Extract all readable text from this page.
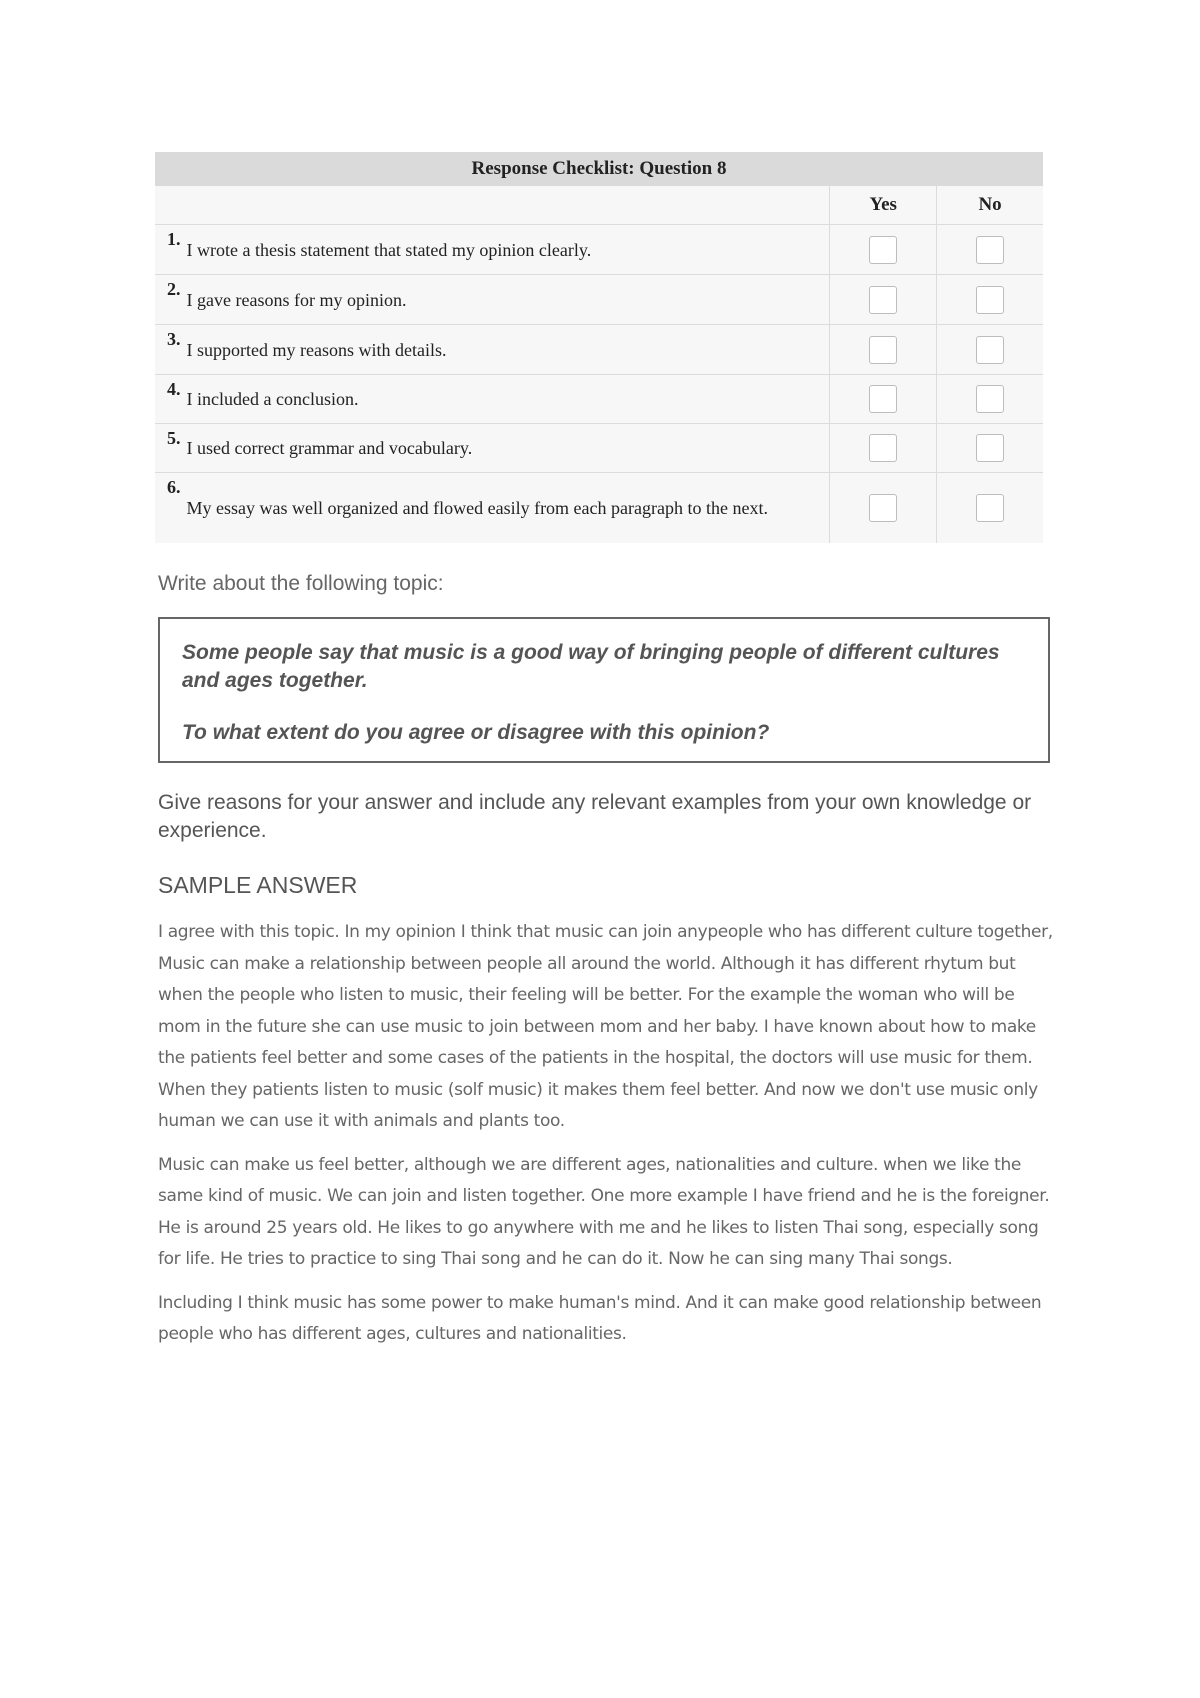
Response Checklist: Question 8
Yes	No
1.
I wrote a thesis statement that stated my opinion clearly.
2.
I gave reasons for my opinion.
3.
I supported my reasons with details.
4. I included a conclusion.
5. I used correct grammar and vocabulary.
6.
My essay was well organized and flowed easily from each paragraph to the next.
Write about the following topic:

Some people say that music is a good way of bringing people of different cultures and ages together.

To what extent do you agree or disagree with this opinion?

Give reasons for your answer and include any relevant examples from your own knowledge or experience.
SAMPLE ANSWER

I agree with this topic. In my opinion I think that music can join anypeople who has different culture together, Music can make a relationship between people all around the world. Although it has different rhytum but when the people who listen to music, their feeling will be better. For the example the woman who will be mom in the future she can use music to join between mom and her baby. I have known about how to make the patients feel better and some cases of the patients in the hospital, the doctors will use music for them. When they patients listen to music (solf music) it makes them feel better. And now we don't use music only human we can use it with animals and plants too.

Music can make us feel better, although we are different ages, nationalities and culture. when we like the same kind of music. We can join and listen together. One more example I have friend and he is the foreigner. He is around 25 years old. He likes to go anywhere with me and he likes to listen Thai song, especially song for life. He tries to practice to sing Thai song and he can do it. Now he can sing many Thai songs.

Including I think music has some power to make human's mind. And it can make good relationship between people who has different ages, cultures and nationalities.
